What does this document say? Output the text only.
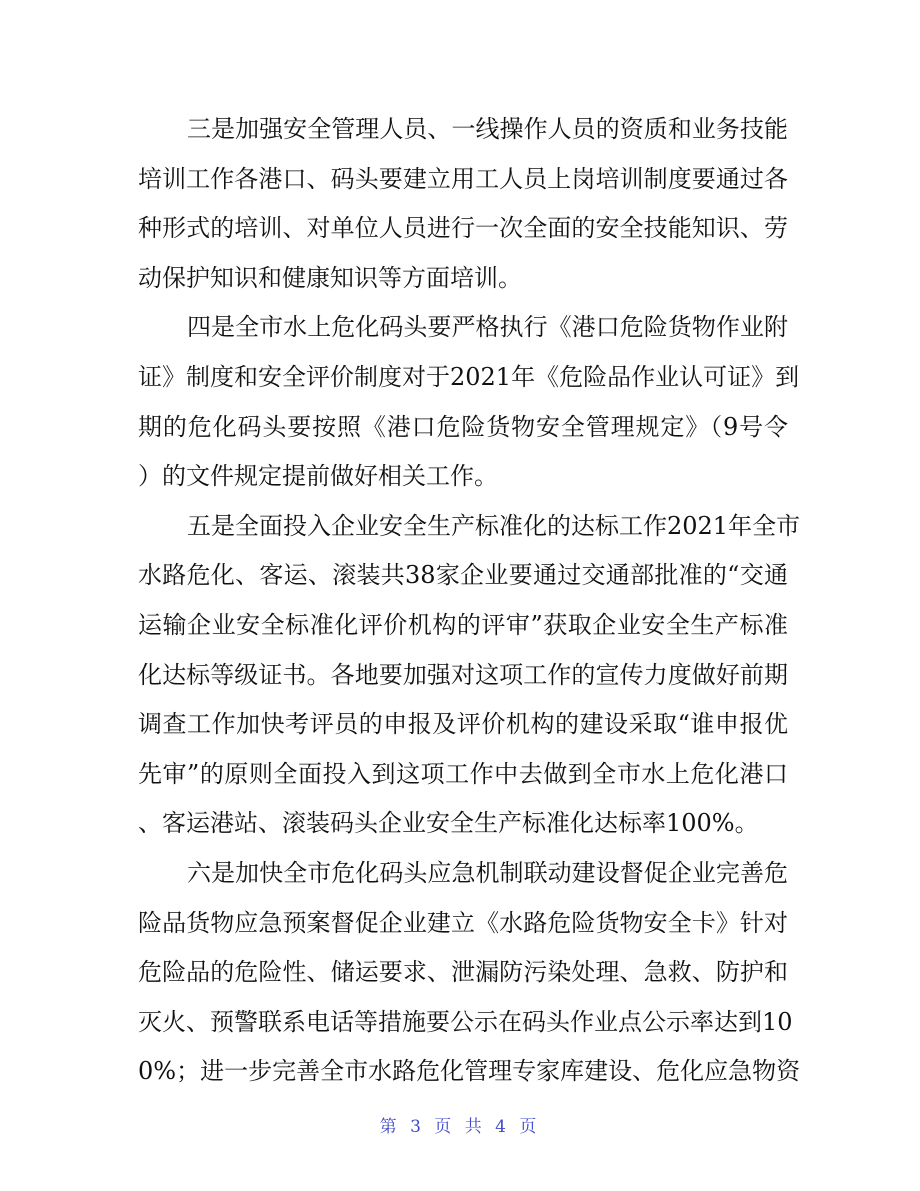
三是加强安全管理人员、一线操作人员的资质和业务技能
培训工作各港口、码头要建立用工人员上岗培训制度要通过各
种形式的培训、对单位人员进行一次全面的安全技能知识、劳
动保护知识和健康知识等方面培训。
四是全市水上危化码头要严格执行《港口危险货物作业附
证》制度和安全评价制度对于2021年《危险品作业认可证》到
期的危化码头要按照《港口危险货物安全管理规定》（9号令
）的文件规定提前做好相关工作。
五是全面投入企业安全生产标准化的达标工作2021年全市
水路危化、客运、滚装共38家企业要通过交通部批准的“交通
运输企业安全标准化评价机构的评审”获取企业安全生产标准
化达标等级证书。各地要加强对这项工作的宣传力度做好前期
调查工作加快考评员的申报及评价机构的建设采取“谁申报优
先审”的原则全面投入到这项工作中去做到全市水上危化港口
、客运港站、滚装码头企业安全生产标准化达标率100%。
六是加快全市危化码头应急机制联动建设督促企业完善危
险品货物应急预案督促企业建立《水路危险货物安全卡》针对
危险品的危险性、储运要求、泄漏防污染处理、急救、防护和
灭火、预警联系电话等措施要公示在码头作业点公示率达到10
0%；进一步完善全市水路危化管理专家库建设、危化应急物资
第 3 页 共 4 页
